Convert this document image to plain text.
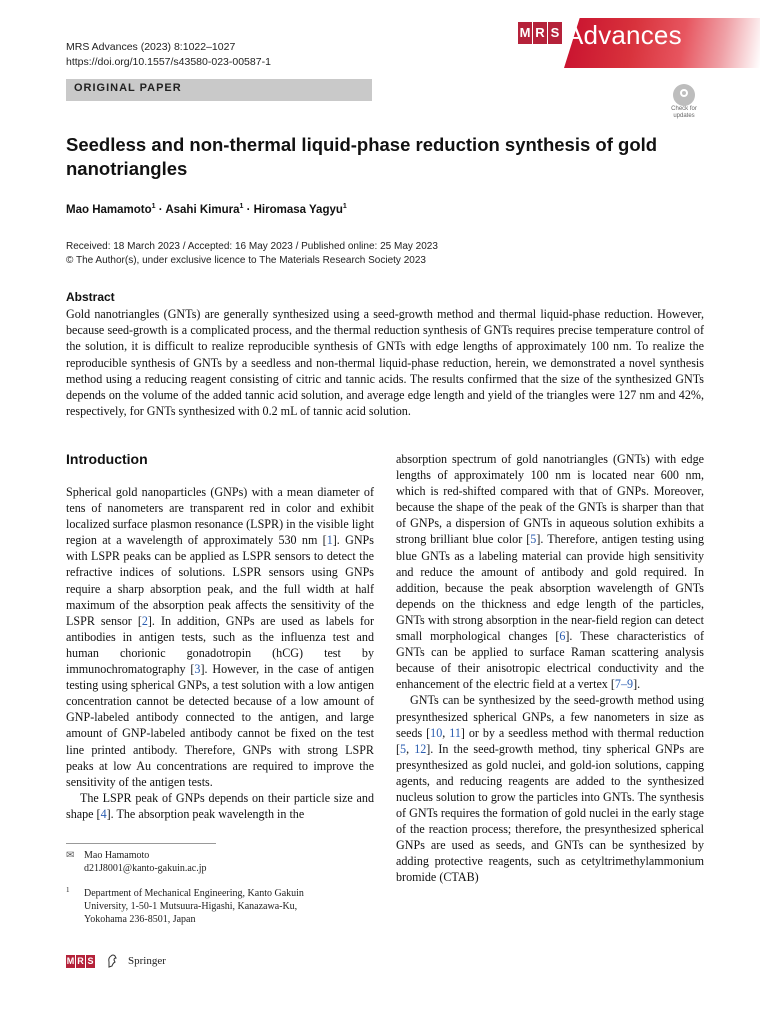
MRS Advances (2023) 8:1022–1027
https://doi.org/10.1557/s43580-023-00587-1
M R S Advances
ORIGINAL PAPER
Check for
updates
Seedless and non-thermal liquid-phase reduction synthesis of gold nanotriangles
Mao Hamamoto$^1$ · Asahi Kimura$^1$ · Hiromasa Yagyu$^1$
Received: 18 March 2023 / Accepted: 16 May 2023 / Published online: 25 May 2023
© The Author(s), under exclusive licence to The Materials Research Society 2023
Abstract
Gold nanotriangles (GNTs) are generally synthesized using a seed-growth method and thermal liquid-phase reduction. However, because seed-growth is a complicated process, and the thermal reduction synthesis of GNTs requires precise temperature control of the solution, it is difficult to realize reproducible synthesis of GNTs with edge lengths of approximately 100 nm. To realize the reproducible synthesis of GNTs by a seedless and non-thermal liquid-phase reduction, herein, we demonstrated a novel synthesis method using a reducing reagent consisting of citric and tannic acids. The results confirmed that the size of the synthesized GNTs depends on the volume of the added tannic acid solution, and average edge length and yield of the triangles were 127 nm and 42%, respectively, for GNTs synthesized with 0.2 mL of tannic acid solution.
Introduction

Spherical gold nanoparticles (GNPs) with a mean diameter of tens of nanometers are transparent red in color and exhibit localized surface plasmon resonance (LSPR) in the visible light region at a wavelength of approximately 530 nm [1]. GNPs with LSPR peaks can be applied as LSPR sensors to detect the refractive indices of solutions. LSPR sensors using GNPs require a sharp absorption peak, and the full width at half maximum of the absorption peak affects the sensitivity of the LSPR sensor [2]. In addition, GNPs are used as labels for antibodies in antigen tests, such as the influenza test and human chorionic gonadotropin (hCG) test by immunochromatography [3]. However, in the case of antigen testing using spherical GNPs, a test solution with a low antigen concentration cannot be detected because of a low amount of GNP-labeled antibody connected to the antigen, and large amount of GNP-labeled antibody cannot be fixed on the test line printed antibody. Therefore, GNPs with strong LSPR peaks at low Au concentrations are required to improve the sensitivity of the antigen tests.

The LSPR peak of GNPs depends on their particle size and shape [4]. The absorption peak wavelength in the

absorption spectrum of gold nanotriangles (GNTs) with edge lengths of approximately 100 nm is located near 600 nm, which is red-shifted compared with that of GNPs. Moreover, because the shape of the peak of the GNTs is sharper than that of GNPs, a dispersion of GNTs in aqueous solution exhibits a strong brilliant blue color [5]. Therefore, antigen testing using blue GNTs as a labeling material can provide high sensitivity and reduce the amount of antibody and gold required. In addition, because the peak absorption wavelength of GNTs depends on the thickness and edge length of the particles, GNTs with strong absorption in the near-field region can detect small morphological changes [6]. These characteristics of GNTs can be applied to surface Raman scattering analysis because of their anisotropic electrical conductivity and the enhancement of the electric field at a vertex [7–9].

GNTs can be synthesized by the seed-growth method using presynthesized spherical GNPs, a few nanometers in size as seeds [10, 11] or by a seedless method with thermal reduction [5, 12]. In the seed-growth method, tiny spherical GNPs are presynthesized as gold nuclei, and gold-ion solutions, capping agents, and reducing reagents are added to the synthesized nucleus solution to grow the particles into GNTs. The synthesis of GNTs requires the formation of gold nuclei in the early stage of the reaction process; therefore, the presynthesized spherical GNPs are used as seeds, and GNTs can be synthesized by adding protective reagents, such as cetyltrimethylammonium bromide (CTAB)

✉ Mao Hamamoto
d21J8001@kanto-gakuin.ac.jp
1 Department of Mechanical Engineering, Kanto Gakuin
University, 1-50-1 Mutsuura-Higashi, Kanazawa-Ku,
Yokohama 236-8501, Japan
M R S	Springer
